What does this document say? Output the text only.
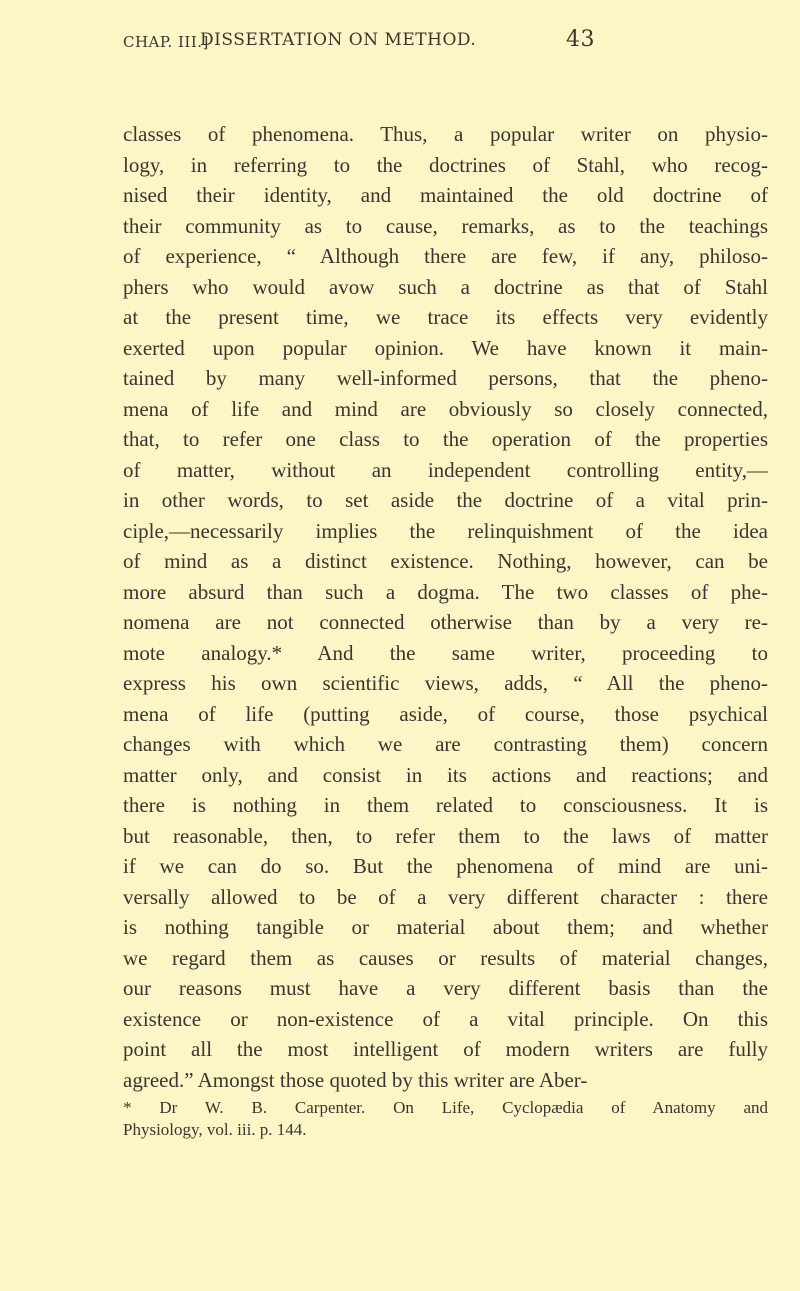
CHAP. III.]
DISSERTATION ON METHOD.	43
classes of phenomena. Thus, a popular writer on physio-
logy, in referring to the doctrines of Stahl, who recog-
nised their identity, and maintained the old doctrine of
their community as to cause, remarks, as to the teachings
of experience, “ Although there are few, if any, philoso-
phers who would avow such a doctrine as that of Stahl
at the present time, we trace its effects very evidently
exerted upon popular opinion. We have known it main-
tained by many well-informed persons, that the pheno-
mena of life and mind are obviously so closely connected,
that, to refer one class to the operation of the properties
of matter, without an independent controlling entity,—
in other words, to set aside the doctrine of a vital prin-
ciple,—necessarily implies the relinquishment of the idea
of mind as a distinct existence. Nothing, however, can be
more absurd than such a dogma. The two classes of phe-
nomena are not connected otherwise than by a very re-
mote analogy.* And the same writer, proceeding to
express his own scientific views, adds, “ All the pheno-
mena of life (putting aside, of course, those psychical
changes with which we are contrasting them) concern
matter only, and consist in its actions and reactions; and
there is nothing in them related to consciousness. It is
but reasonable, then, to refer them to the laws of matter
if we can do so. But the phenomena of mind are uni-
versally allowed to be of a very different character : there
is nothing tangible or material about them; and whether
we regard them as causes or results of material changes,
our reasons must have a very different basis than the
existence or non-existence of a vital principle. On this
point all the most intelligent of modern writers are fully
agreed.” Amongst those quoted by this writer are Aber-
* Dr W. B. Carpenter. On Life, Cyclopædia of Anatomy and
Physiology, vol. iii. p. 144.
